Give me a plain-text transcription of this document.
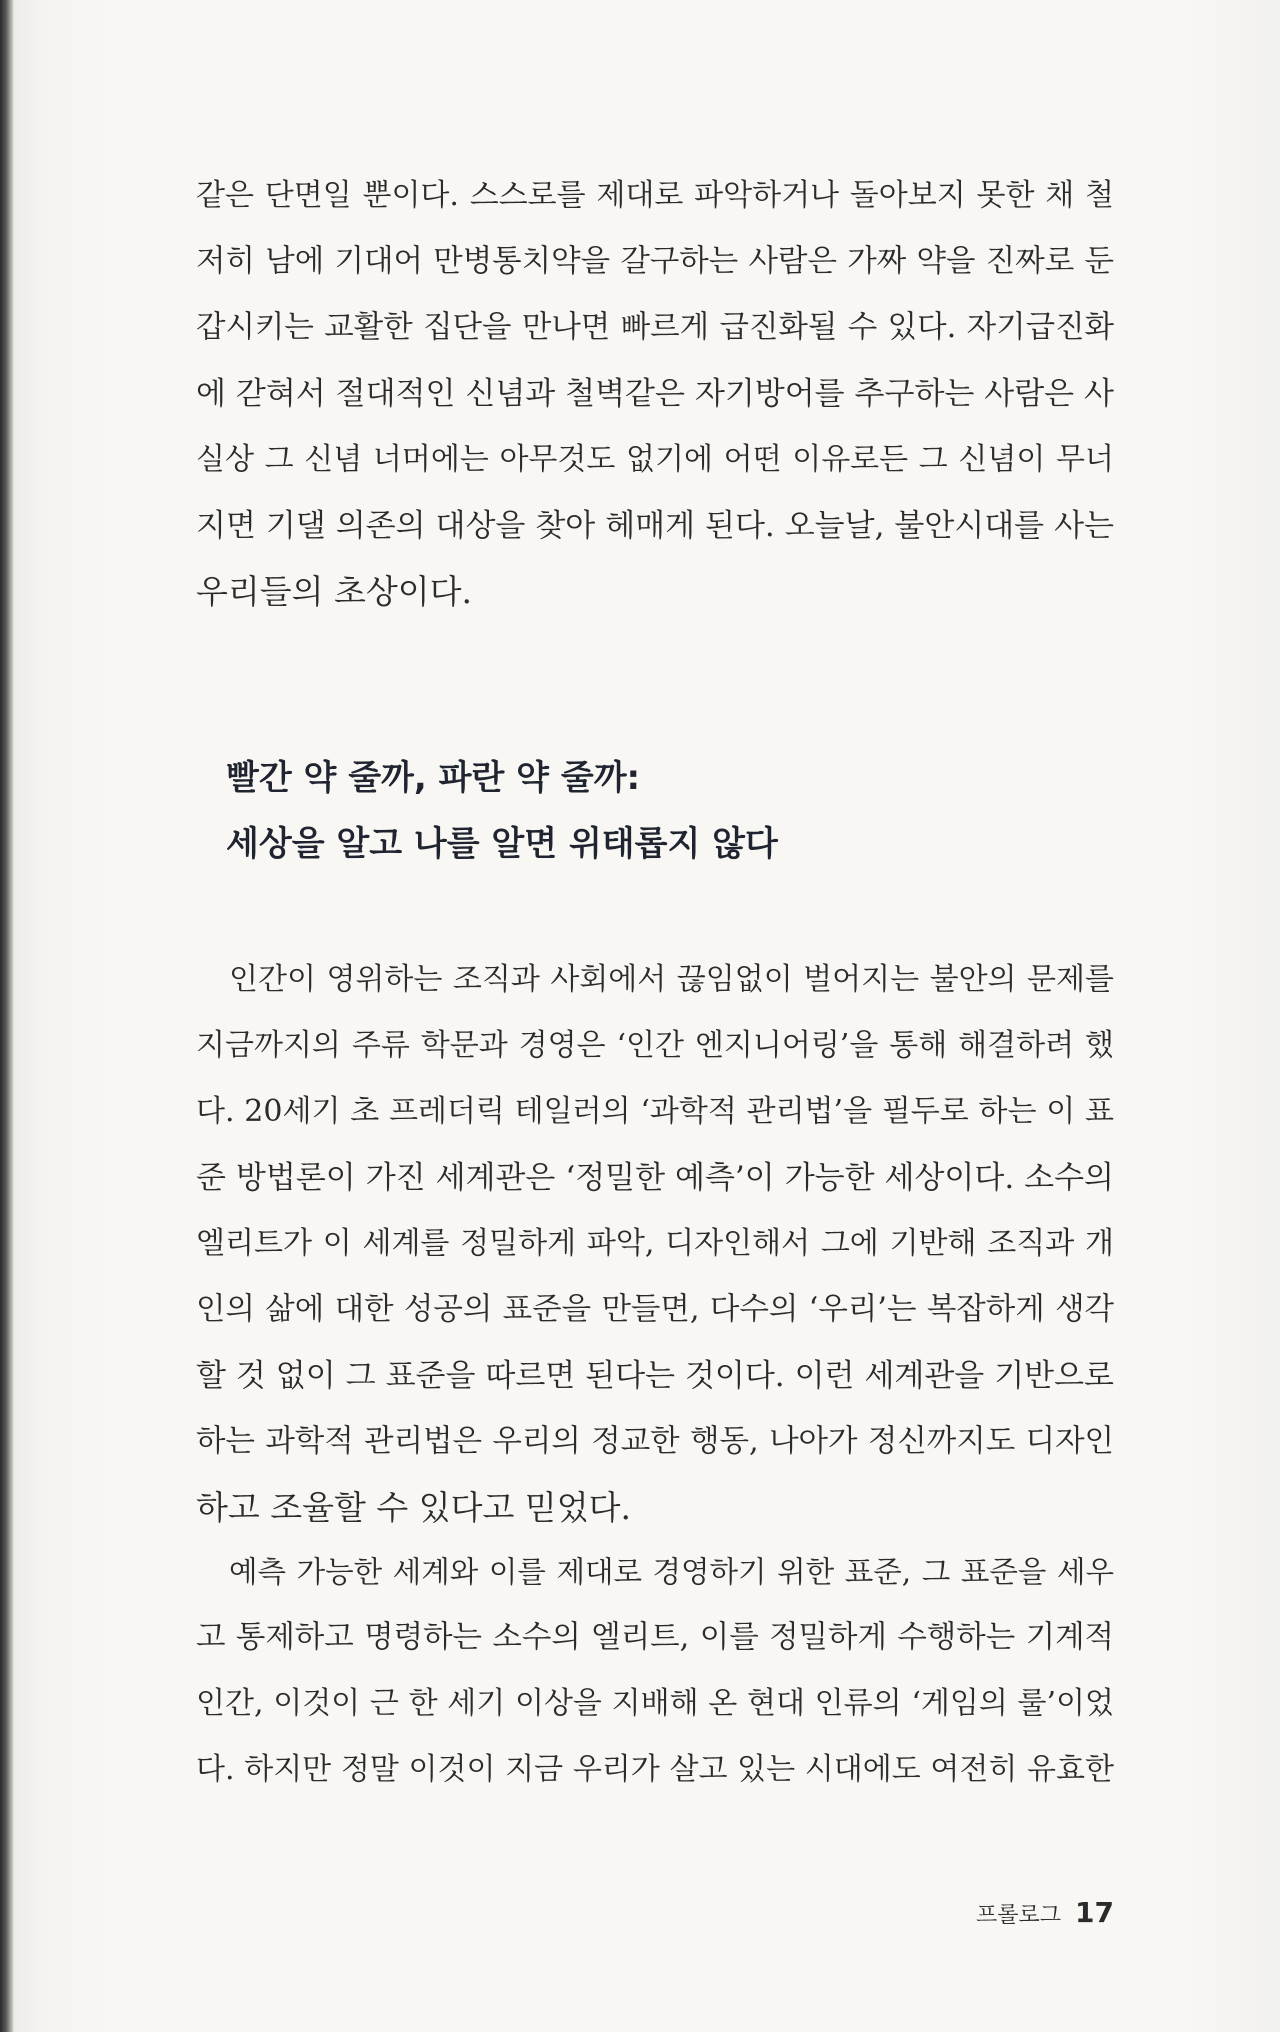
같은 단면일 뿐이다. 스스로를 제대로 파악하거나 돌아보지 못한 채 철
저히 남에 기대어 만병통치약을 갈구하는 사람은 가짜 약을 진짜로 둔
갑시키는 교활한 집단을 만나면 빠르게 급진화될 수 있다. 자기급진화
에 갇혀서 절대적인 신념과 철벽같은 자기방어를 추구하는 사람은 사
실상 그 신념 너머에는 아무것도 없기에 어떤 이유로든 그 신념이 무너
지면 기댈 의존의 대상을 찾아 헤매게 된다. 오늘날, 불안시대를 사는
우리들의 초상이다.
빨간 약 줄까, 파란 약 줄까:
세상을 알고 나를 알면 위태롭지 않다
인간이 영위하는 조직과 사회에서 끊임없이 벌어지는 불안의 문제를
지금까지의 주류 학문과 경영은 ‘인간 엔지니어링’을 통해 해결하려 했
다. 20세기 초 프레더릭 테일러의 ‘과학적 관리법’을 필두로 하는 이 표
준 방법론이 가진 세계관은 ‘정밀한 예측’이 가능한 세상이다. 소수의
엘리트가 이 세계를 정밀하게 파악, 디자인해서 그에 기반해 조직과 개
인의 삶에 대한 성공의 표준을 만들면, 다수의 ‘우리’는 복잡하게 생각
할 것 없이 그 표준을 따르면 된다는 것이다. 이런 세계관을 기반으로
하는 과학적 관리법은 우리의 정교한 행동, 나아가 정신까지도 디자인
하고 조율할 수 있다고 믿었다.
예측 가능한 세계와 이를 제대로 경영하기 위한 표준, 그 표준을 세우
고 통제하고 명령하는 소수의 엘리트, 이를 정밀하게 수행하는 기계적
인간, 이것이 근 한 세기 이상을 지배해 온 현대 인류의 ‘게임의 룰’이었
다. 하지만 정말 이것이 지금 우리가 살고 있는 시대에도 여전히 유효한
프롤로그 17
